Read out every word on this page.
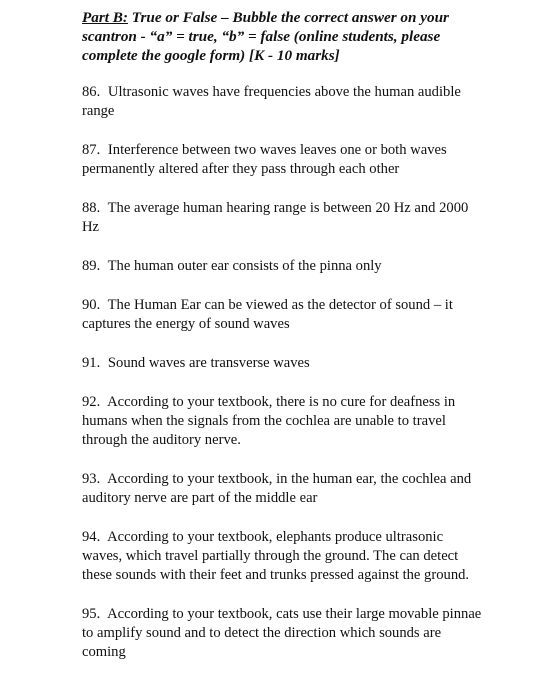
Part B: True or False – Bubble the correct answer on your scantron - “a” = true, “b” = false (online students, please complete the google form) [K - 10 marks]
86. Ultrasonic waves have frequencies above the human audible range
87. Interference between two waves leaves one or both waves permanently altered after they pass through each other
88. The average human hearing range is between 20 Hz and 2000 Hz
89. The human outer ear consists of the pinna only
90. The Human Ear can be viewed as the detector of sound – it captures the energy of sound waves
91. Sound waves are transverse waves
92. According to your textbook, there is no cure for deafness in humans when the signals from the cochlea are unable to travel through the auditory nerve.
93. According to your textbook, in the human ear, the cochlea and auditory nerve are part of the middle ear
94. According to your textbook, elephants produce ultrasonic waves, which travel partially through the ground. The can detect these sounds with their feet and trunks pressed against the ground.
95. According to your textbook, cats use their large movable pinnae to amplify sound and to detect the direction which sounds are coming
